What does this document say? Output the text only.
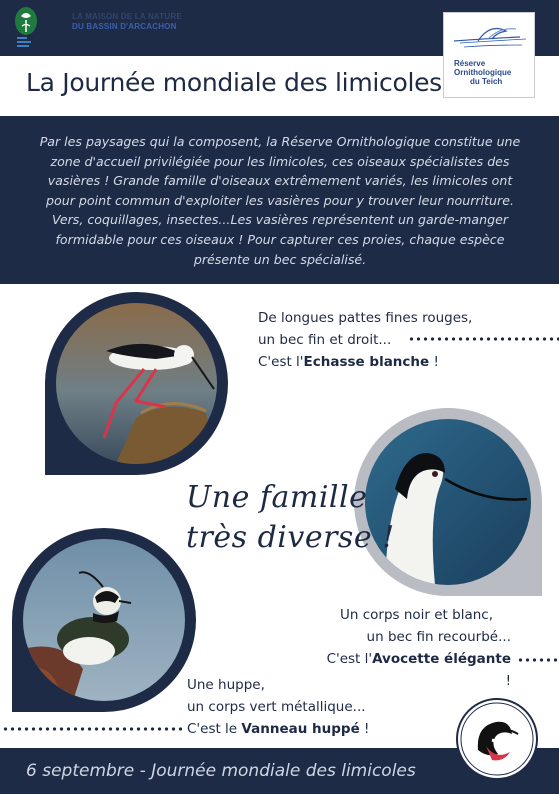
LA MAISON DE LA NATURE
DU BASSIN D'ARCACHON
La Journée mondiale des limicoles
Réserve
Ornithologique
du Teich

Par les paysages qui la composent, la Réserve Ornithologique constitue une zone d'accueil privilégiée pour les limicoles, ces oiseaux spécialistes des vasières ! Grande famille d'oiseaux extrêmement variés, les limicoles ont pour point commun d'exploiter les vasières pour y trouver leur nourriture. Vers, coquillages, insectes...Les vasières représentent un garde-manger formidable pour ces oiseaux ! Pour capturer ces proies, chaque espèce présente un bec spécialisé.

De longues pattes fines rouges,
un bec fin et droit...
C'est l'Echasse blanche !
Une famille
très diverse !
Un corps noir et blanc,
un bec fin recourbé...
C'est l'Avocette élégante !
Une huppe,
un corps vert métallique...
C'est le Vanneau huppé !
6 septembre - Journée mondiale des limicoles
